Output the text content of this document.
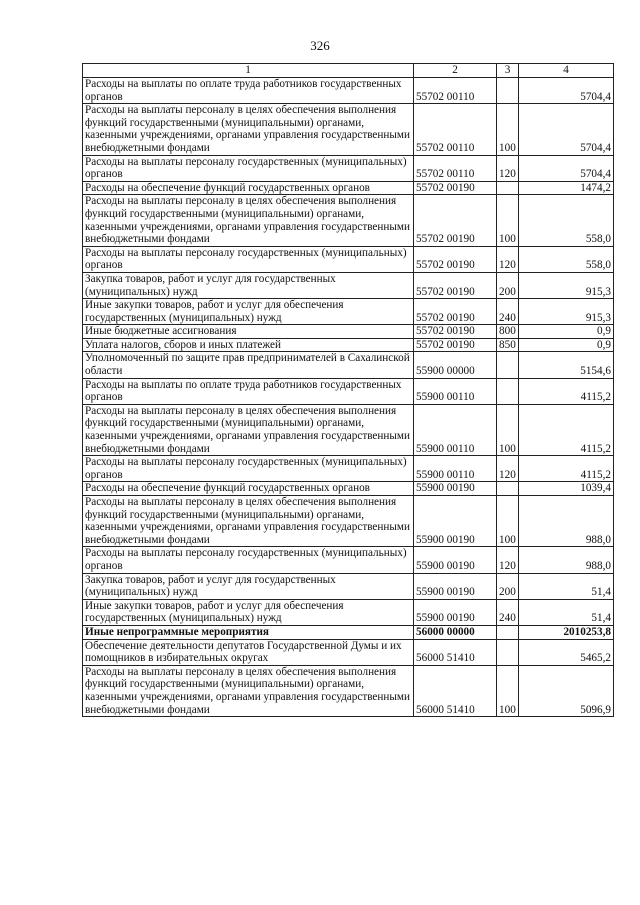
326
1	2	3	4
Расходы на выплаты по оплате труда работников государственных органов	55702 00110		5704,4
Расходы на выплаты персоналу в целях обеспечения выполнения функций государственными (муниципальными) органами, казенными учреждениями, органами управления государственными внебюджетными фондами	55702 00110	100	5704,4
Расходы на выплаты персоналу государственных (муниципальных) органов	55702 00110	120	5704,4
Расходы на обеспечение функций государственных органов	55702 00190		1474,2
Расходы на выплаты персоналу в целях обеспечения выполнения функций государственными (муниципальными) органами, казенными учреждениями, органами управления государственными внебюджетными фондами	55702 00190	100	558,0
Расходы на выплаты персоналу государственных (муниципальных) органов	55702 00190	120	558,0
Закупка товаров, работ и услуг для государственных (муниципальных) нужд	55702 00190	200	915,3
Иные закупки товаров, работ и услуг для обеспечения государственных (муниципальных) нужд	55702 00190	240	915,3
Иные бюджетные ассигнования	55702 00190	800	0,9
Уплата налогов, сборов и иных платежей	55702 00190	850	0,9
Уполномоченный по защите прав предпринимателей в Сахалинской области	55900 00000		5154,6
Расходы на выплаты по оплате труда работников государственных органов	55900 00110		4115,2
Расходы на выплаты персоналу в целях обеспечения выполнения функций государственными (муниципальными) органами, казенными учреждениями, органами управления государственными внебюджетными фондами	55900 00110	100	4115,2
Расходы на выплаты персоналу государственных (муниципальных) органов	55900 00110	120	4115,2
Расходы на обеспечение функций государственных органов	55900 00190		1039,4
Расходы на выплаты персоналу в целях обеспечения выполнения функций государственными (муниципальными) органами, казенными учреждениями, органами управления государственными внебюджетными фондами	55900 00190	100	988,0
Расходы на выплаты персоналу государственных (муниципальных) органов	55900 00190	120	988,0
Закупка товаров, работ и услуг для государственных (муниципальных) нужд	55900 00190	200	51,4
Иные закупки товаров, работ и услуг для обеспечения государственных (муниципальных) нужд	55900 00190	240	51,4
Иные непрограммные мероприятия	56000 00000		2010253,8
Обеспечение деятельности депутатов Государственной Думы и их помощников в избирательных округах	56000 51410		5465,2
Расходы на выплаты персоналу в целях обеспечения выполнения функций государственными (муниципальными) органами, казенными учреждениями, органами управления государственными внебюджетными фондами	56000 51410	100	5096,9
